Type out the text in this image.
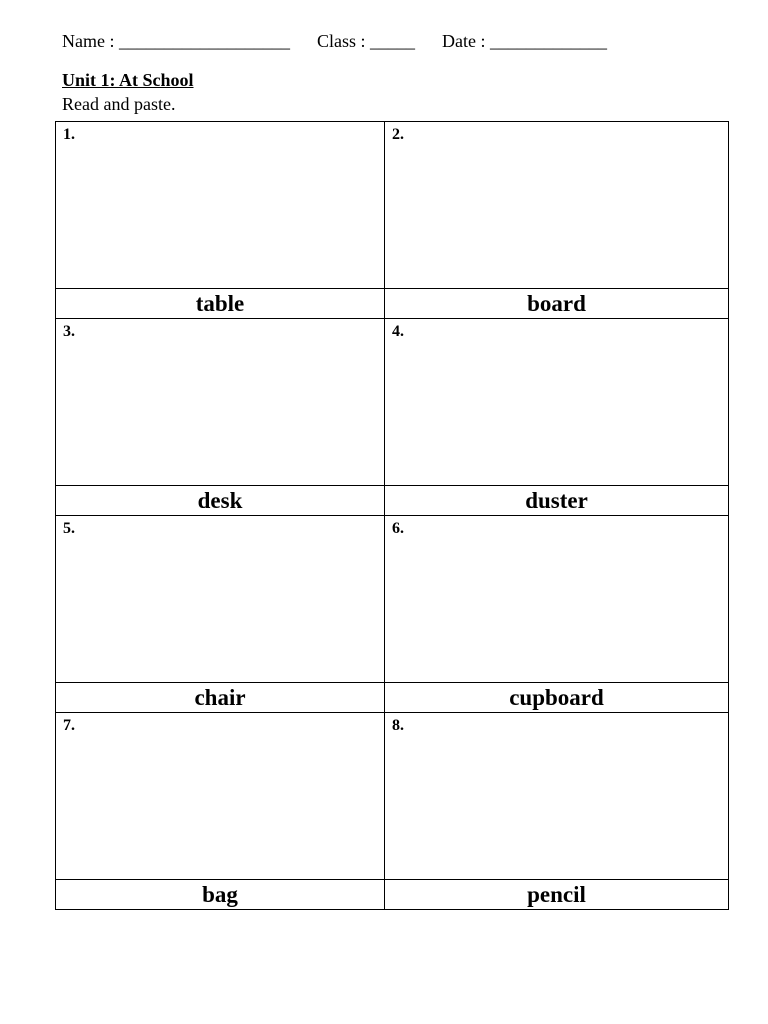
Name : ___________________ Class : _____ Date : _____________
Unit 1: At School
Read and paste.
1.	2.

table	board

3.	4.

desk	duster

5.	6.

chair	cupboard

7.	8.

bag	pencil
